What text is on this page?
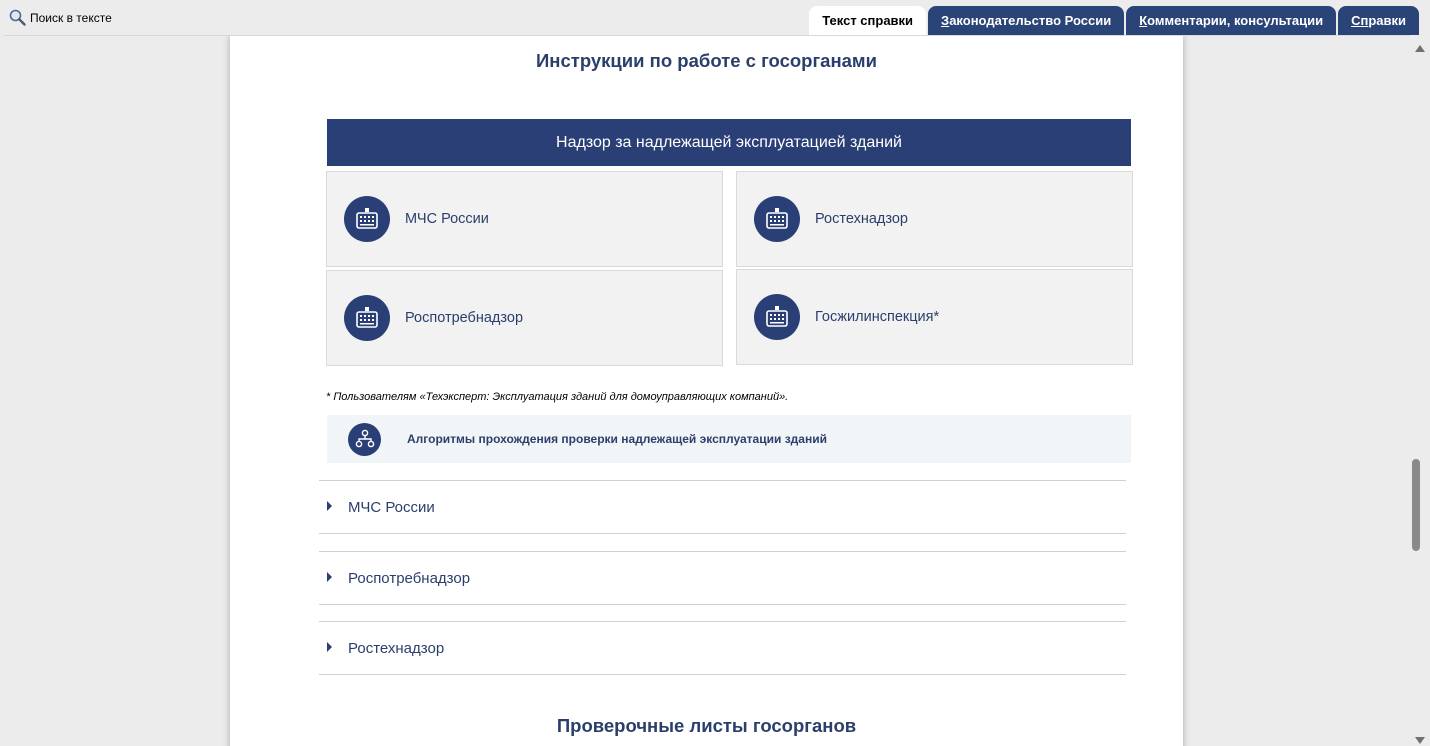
Поиск в тексте	Текст справки	Законодательство России	Комментарии, консультации	Справки
Инструкции по работе с госорганами
Надзор за надлежащей эксплуатацией зданий
МЧС России	Ростехнадзор
Роспотребнадзор	Госжилинспекция*
* Пользователям «Техэксперт: Эксплуатация зданий для домоуправляющих компаний».
Алгоритмы прохождения проверки надлежащей эксплуатации зданий
МЧС России
Роспотребнадзор
Ростехнадзор
Проверочные листы госорганов
